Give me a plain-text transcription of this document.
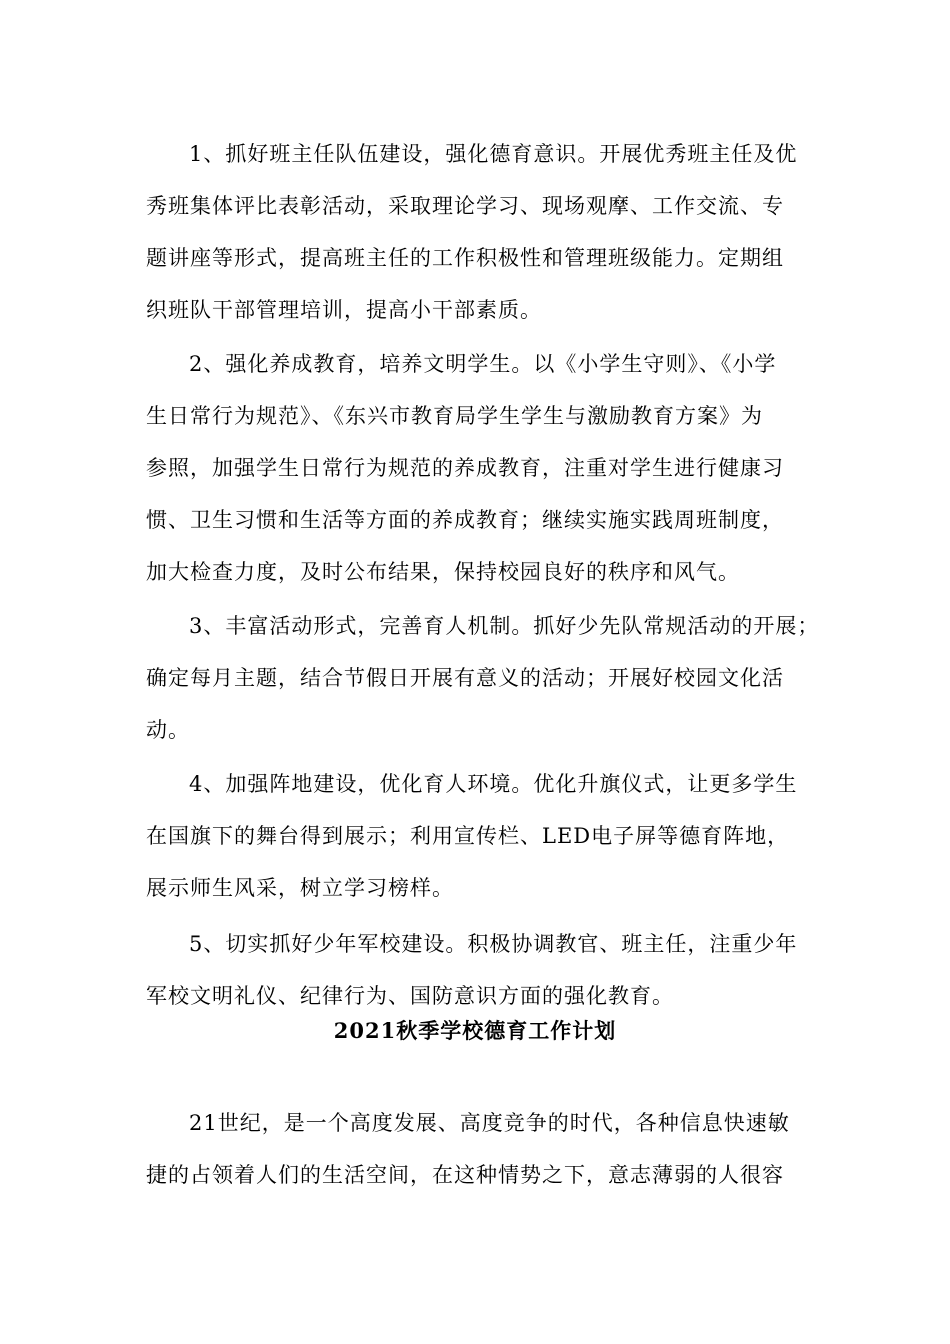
1、抓好班主任队伍建设，强化德育意识。开展优秀班主任及优
秀班集体评比表彰活动，采取理论学习、现场观摩、工作交流、专
题讲座等形式，提高班主任的工作积极性和管理班级能力。定期组
织班队干部管理培训，提高小干部素质。
2、强化养成教育，培养文明学生。以《小学生守则》、《小学
生日常行为规范》、《东兴市教育局学生学生与激励教育方案》为
参照，加强学生日常行为规范的养成教育，注重对学生进行健康习
惯、卫生习惯和生活等方面的养成教育；继续实施实践周班制度，
加大检查力度，及时公布结果，保持校园良好的秩序和风气。
3、丰富活动形式，完善育人机制。抓好少先队常规活动的开展；
确定每月主题，结合节假日开展有意义的活动；开展好校园文化活
动。
4、加强阵地建设，优化育人环境。优化升旗仪式，让更多学生
在国旗下的舞台得到展示；利用宣传栏、LED电子屏等德育阵地，
展示师生风采，树立学习榜样。
5、切实抓好少年军校建设。积极协调教官、班主任，注重少年
军校文明礼仪、纪律行为、国防意识方面的强化教育。
2021秋季学校德育工作计划
21世纪，是一个高度发展、高度竞争的时代，各种信息快速敏
捷的占领着人们的生活空间，在这种情势之下，意志薄弱的人很容
